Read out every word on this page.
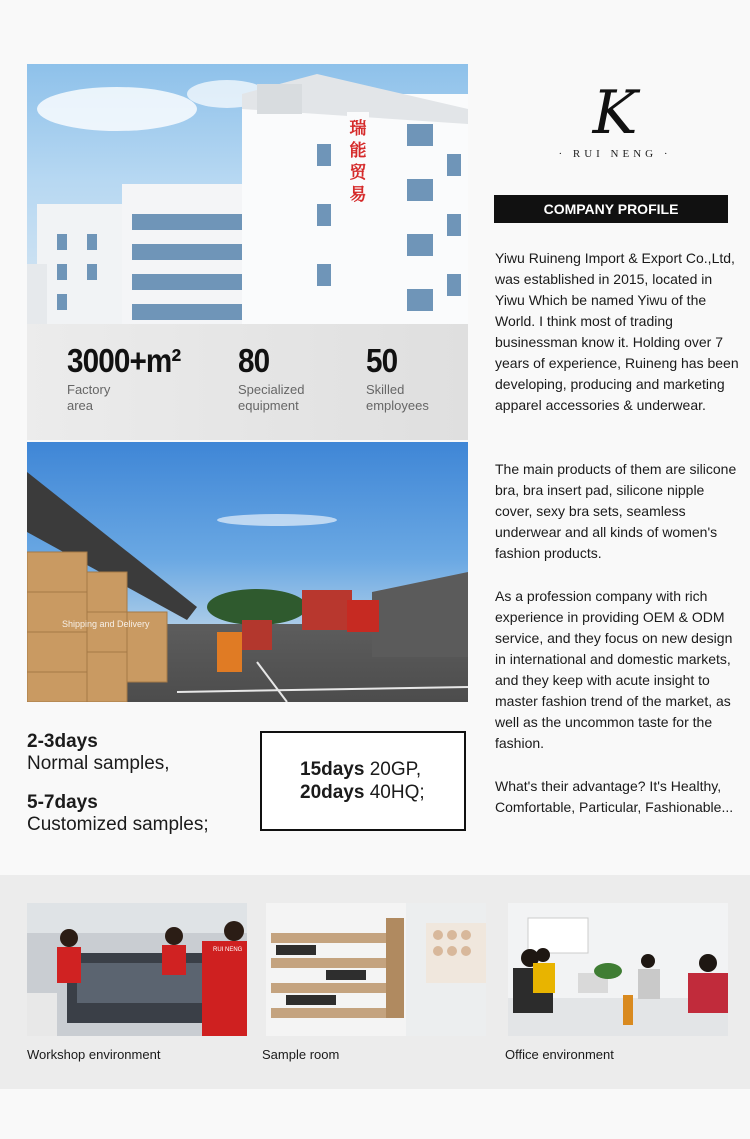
瑞
能
贸
易
3000+m²
Factory
area
80
Specialized
equipment
50
Skilled
employees
Shipping and Delivery
2-3days
Normal samples,
5-7days
Customized samples;
15days 20GP,
20days 40HQ;
K
· RUI NENG ·
COMPANY PROFILE
Yiwu Ruineng Import & Export Co.,Ltd, was established in 2015, located in Yiwu Which be named Yiwu of the World. I think most of trading businessman know it. Holding over 7 years of experience, Ruineng has been developing, producing and marketing apparel accessories & underwear.
The main products of them are silicone bra, bra insert pad, silicone nipple cover, sexy bra sets, seamless underwear and all kinds of women's fashion products.
As a profession company with rich experience in providing OEM & ODM service, and they focus on new design in international and domestic markets, and they keep with acute insight to master fashion trend of the market, as well as the uncommon taste for the fashion.
What's their advantage? It's Healthy, Comfortable, Particular, Fashionable...
RUI NENG
Workshop environment	Sample room	Office environment
